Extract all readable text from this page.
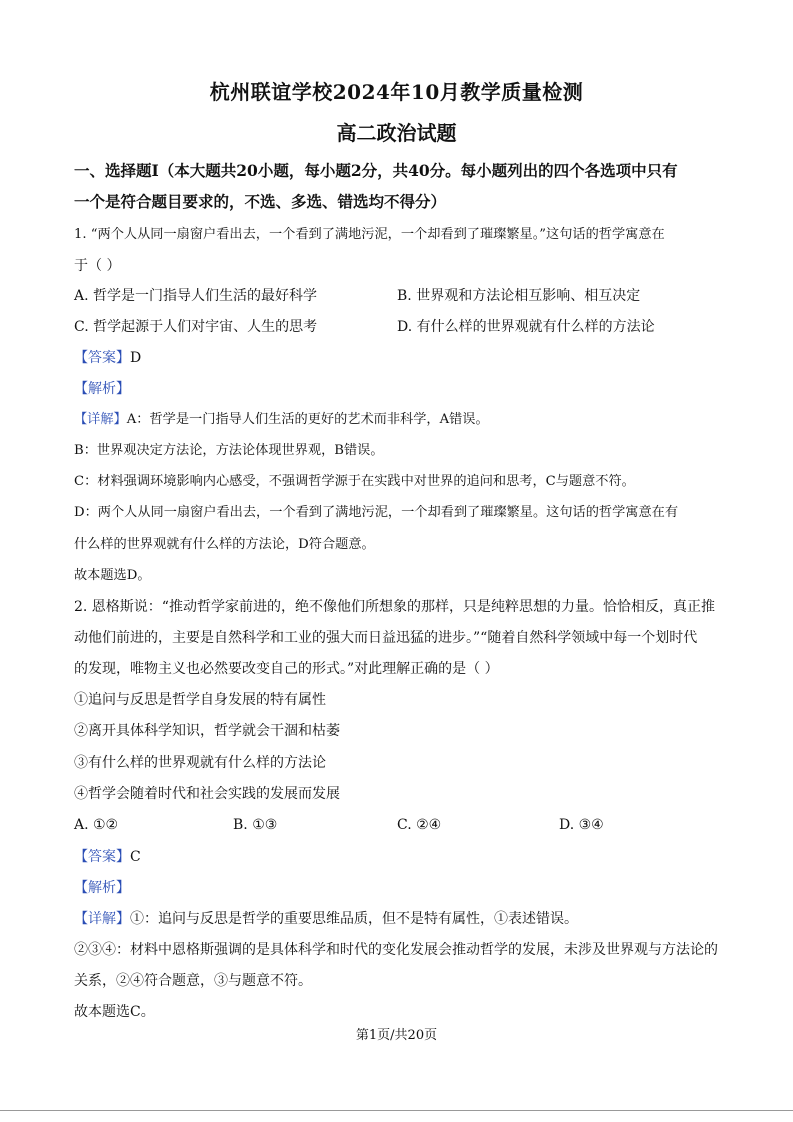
杭州联谊学校2024年10月教学质量检测
高二政治试题
一、选择题Ⅰ（本大题共20小题，每小题2分，共40分。每小题列出的四个各选项中只有
一个是符合题目要求的，不选、多选、错选均不得分）
1. “两个人从同一扇窗户看出去，一个看到了满地污泥，一个却看到了璀璨繁星。”这句话的哲学寓意在
于（ ）
A. 哲学是一门指导人们生活的最好科学	B. 世界观和方法论相互影响、相互决定
C. 哲学起源于人们对宇宙、人生的思考	D. 有什么样的世界观就有什么样的方法论
【答案】D
【解析】
【详解】A：哲学是一门指导人们生活的更好的艺术而非科学，A错误。
B：世界观决定方法论，方法论体现世界观，B错误。
C：材料强调环境影响内心感受，不强调哲学源于在实践中对世界的追问和思考，C与题意不符。
D：两个人从同一扇窗户看出去，一个看到了满地污泥，一个却看到了璀璨繁星。这句话的哲学寓意在有
什么样的世界观就有什么样的方法论，D符合题意。
故本题选D。
2. 恩格斯说：“推动哲学家前进的，绝不像他们所想象的那样，只是纯粹思想的力量。恰恰相反，真正推
动他们前进的，主要是自然科学和工业的强大而日益迅猛的进步。”“随着自然科学领域中每一个划时代
的发现，唯物主义也必然要改变自己的形式。”对此理解正确的是（ ）
①追问与反思是哲学自身发展的特有属性
②离开具体科学知识，哲学就会干涸和枯萎
③有什么样的世界观就有什么样的方法论
④哲学会随着时代和社会实践的发展而发展
A. ①②	B. ①③	C. ②④	D. ③④
【答案】C
【解析】
【详解】①：追问与反思是哲学的重要思维品质，但不是特有属性，①表述错误。
②③④：材料中恩格斯强调的是具体科学和时代的变化发展会推动哲学的发展，未涉及世界观与方法论的
关系，②④符合题意，③与题意不符。
故本题选C。
第1页/共20页
